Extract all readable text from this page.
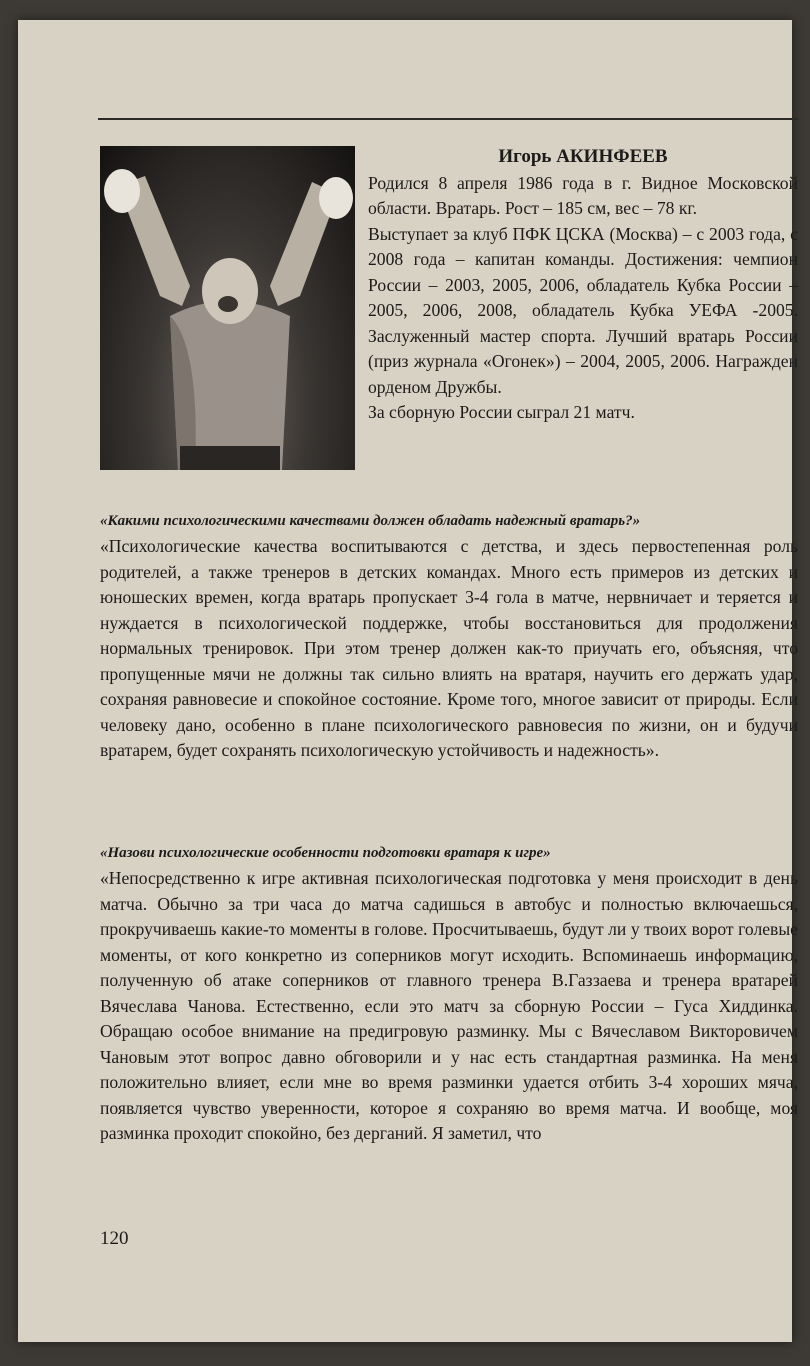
Игорь АКИНФЕЕВ

Родился 8 апреля 1986 года в г. Видное Московской области. Вратарь. Рост – 185 см, вес – 78 кг.

Выступает за клуб ПФК ЦСКА (Москва) – с 2003 года, с 2008 года – капитан команды. Достижения: чемпион России – 2003, 2005, 2006, обладатель Кубка России – 2005, 2006, 2008, обладатель Кубка УЕФА -2005. Заслуженный мастер спорта. Лучший вратарь России (приз журнала «Огонек») – 2004, 2005, 2006. Награжден орденом Дружбы.

За сборную России сыграл 21 матч.

«Какими психологическими качествами должен обладать надежный вратарь?»

«Психологические качества воспитываются с детства, и здесь первостепенная роль родителей, а также тренеров в детских командах. Много есть примеров из детских и юношеских времен, когда вратарь пропускает 3-4 гола в матче, нервничает и теряется и нуждается в психологической поддержке, чтобы восстановиться для продолжения нормальных тренировок. При этом тренер должен как-то приучать его, объясняя, что пропущенные мячи не должны так сильно влиять на вратаря, научить его держать удар, сохраняя равновесие и спокойное состояние. Кроме того, многое зависит от природы. Если человеку дано, особенно в плане психологического равновесия по жизни, он и будучи вратарем, будет сохранять психологическую устойчивость и надежность».

«Назови психологические особенности подготовки вратаря к игре»

«Непосредственно к игре активная психологическая подготовка у меня происходит в день матча. Обычно за три часа до матча садишься в автобус и полностью включаешься, прокручиваешь какие-то моменты в голове. Просчитываешь, будут ли у твоих ворот голевые моменты, от кого конкретно из соперников могут исходить. Вспоминаешь информацию, полученную об атаке соперников от главного тренера В.Газзаева и тренера вратарей Вячеслава Чанова. Естественно, если это матч за сборную России – Гуса Хиддинка. Обращаю особое внимание на предигровую разминку. Мы с Вячеславом Викторовичем Чановым этот вопрос давно обговорили и у нас есть стандартная разминка. На меня положительно влияет, если мне во время разминки удается отбить 3-4 хороших мяча, появляется чувство уверенности, которое я сохраняю во время матча. И вообще, моя разминка проходит спокойно, без дерганий. Я заметил, что

120
